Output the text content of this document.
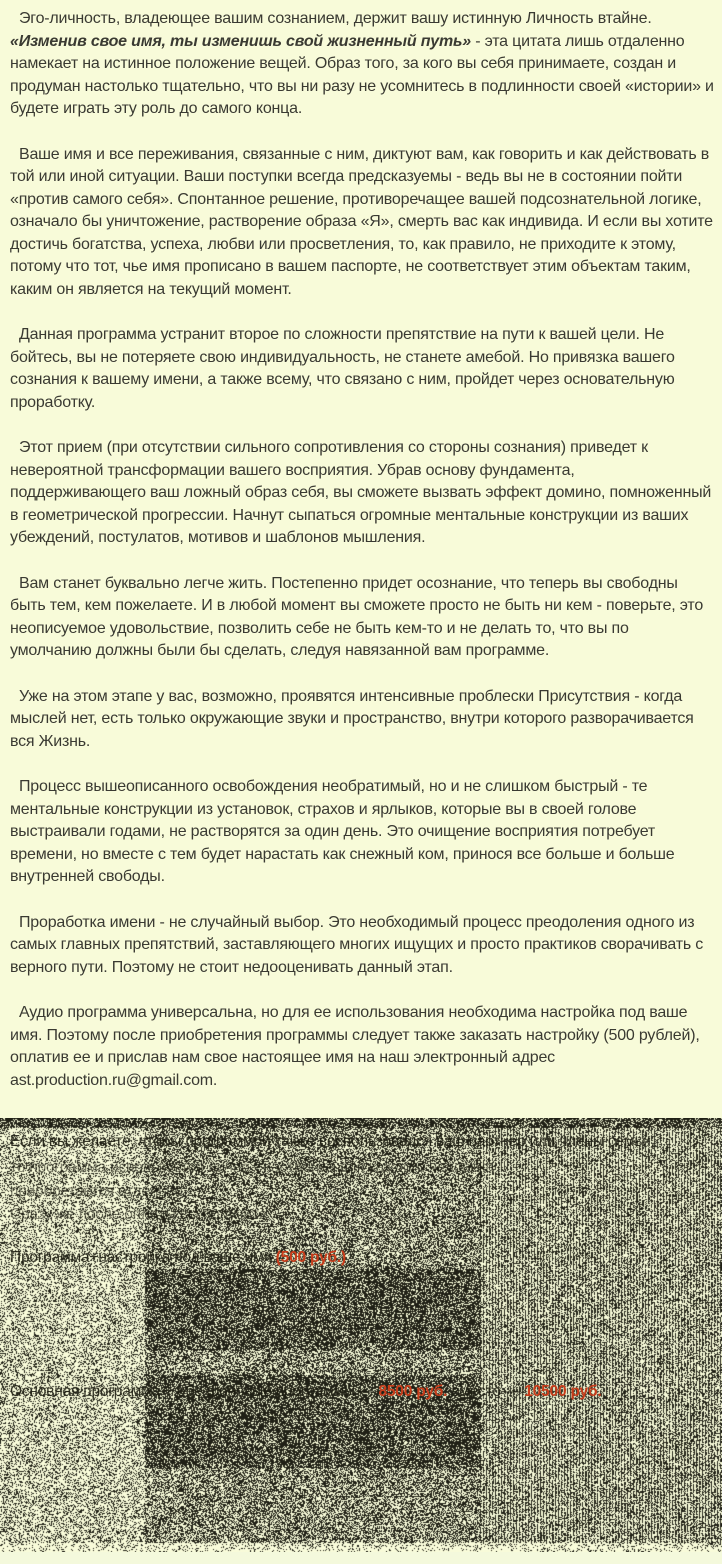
Эго-личность, владеющее вашим сознанием, держит вашу истинную Личность втайне.
«Изменив свое имя, ты изменишь свой жизненный путь» - эта цитата лишь отдаленно намекает на истинное положение вещей. Образ того, за кого вы себя принимаете, создан и продуман настолько тщательно, что вы ни разу не усомнитесь в подлинности своей «истории» и будете играть эту роль до самого конца.

Ваше имя и все переживания, связанные с ним, диктуют вам, как говорить и как действовать в той или иной ситуации. Ваши поступки всегда предсказуемы - ведь вы не в состоянии пойти «против самого себя». Спонтанное решение, противоречащее вашей подсознательной логике, означало бы уничтожение, растворение образа «Я», смерть вас как индивида. И если вы хотите достичь богатства, успеха, любви или просветления, то, как правило, не приходите к этому, потому что тот, чье имя прописано в вашем паспорте, не соответствует этим объектам таким, каким он является на текущий момент.

Данная программа устранит второе по сложности препятствие на пути к вашей цели. Не бойтесь, вы не потеряете свою индивидуальность, не станете амебой. Но привязка вашего сознания к вашему имени, а также всему, что связано с ним, пройдет через основательную проработку.

Этот прием (при отсутствии сильного сопротивления со стороны сознания) приведет к невероятной трансформации вашего восприятия. Убрав основу фундамента, поддерживающего ваш ложный образ себя, вы сможете вызвать эффект домино, помноженный в геометрической прогрессии. Начнут сыпаться огромные ментальные конструкции из ваших убеждений, постулатов, мотивов и шаблонов мышления.

Вам станет буквально легче жить. Постепенно придет осознание, что теперь вы свободны быть тем, кем пожелаете. И в любой момент вы сможете просто не быть ни кем - поверьте, это неописуемое удовольствие, позволить себе не быть кем-то и не делать то, что вы по умолчанию должны были бы сделать, следуя навязанной вам программе.

Уже на этом этапе у вас, возможно, проявятся интенсивные проблески Присутствия - когда мыслей нет, есть только окружающие звуки и пространство, внутри которого разворачивается вся Жизнь.

Процесс вышеописанного освобождения необратимый, но и не слишком быстрый - те ментальные конструкции из установок, страхов и ярлыков, которые вы в своей голове выстраивали годами, не растворятся за один день. Это очищение восприятия потребует времени, но вместе с тем будет нарастать как снежный ком, принося все больше и больше внутренней свободы.

Проработка имени - не случайный выбор. Это необходимый процесс преодоления одного из самых главных препятствий, заставляющего многих ищущих и просто практиков сворачивать с верного пути. Поэтому не стоит недооценивать данный этап.

Аудио программа универсальна, но для ее использования необходима настройка под ваше имя. Поэтому после приобретения программы следует также заказать настройку (500 рублей), оплатив ее и прислав нам свое настоящее имя на наш электронный адрес ast.production.ru@gmail.com.

Если вы желаете, чтобы программой также воспользовался ваш партнер или члены семьи,
то программа используется лично - настройка для каждого человека
приобретается отдельно
Сразу же после оплаты вы получите
Программа+настройка под ваше имя (500 руб.)
Основная программа + обе фоновые программы — 8500 руб. вместо — 10500 руб.
